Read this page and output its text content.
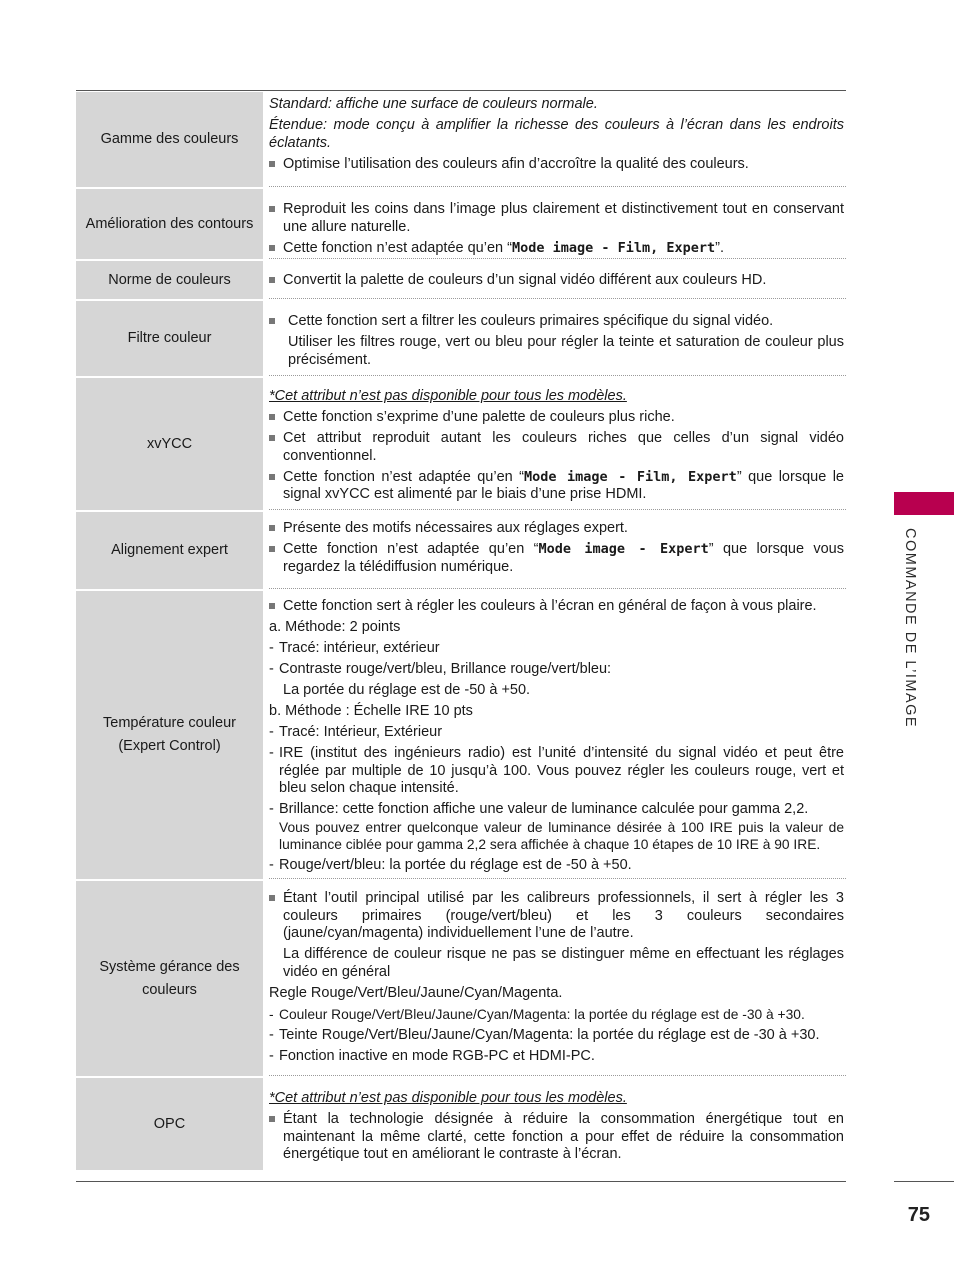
Gamme des couleurs

Standard: affiche une surface de couleurs normale.

Étendue: mode conçu à amplifier la richesse des couleurs à l’écran dans les endroits éclatants.

Optimise l’utilisation des couleurs afin d’accroître la qualité des couleurs.

Amélioration des contours

Reproduit les coins dans l’image plus clairement et distinctivement tout en conservant une allure naturelle.

Cette fonction n’est adaptée qu’en “Mode image - Film, Expert”.

Norme de couleurs	Convertit la palette de couleurs d’un signal vidéo différent aux couleurs HD.

Filtre couleur

Cette fonction sert a filtrer les couleurs primaires spécifique du signal vidéo.

Utiliser les filtres rouge, vert ou bleu pour régler la teinte et saturation de couleur plus précisément.

xvYCC

*Cet attribut n’est pas disponible pour tous les modèles.

Cette fonction s’exprime d’une palette de couleurs plus riche.

Cet attribut reproduit autant les couleurs riches que celles d’un signal vidéo conventionnel.

Cette fonction n’est adaptée qu’en “Mode image - Film, Expert” que lorsque le signal xvYCC est alimenté par le biais d’une prise HDMI.

Alignement expert

Présente des motifs nécessaires aux réglages expert.

Cette fonction n’est adaptée qu’en “Mode image - Expert” que lorsque vous regardez la télédiffusion numérique.

Température couleur
(Expert Control)

Cette fonction sert à régler les couleurs à l’écran en général de façon à vous plaire.

a. Méthode: 2 points

- Tracé: intérieur, extérieur

- Contraste rouge/vert/bleu, Brillance rouge/vert/bleu:

La portée du réglage est de -50 à +50.

b. Méthode : Échelle IRE 10 pts

- Tracé: Intérieur, Extérieur

- IRE (institut des ingénieurs radio) est l’unité d’intensité du signal vidéo et peut être réglée par multiple de 10 jusqu’à 100. Vous pouvez régler les couleurs rouge, vert et bleu selon chaque intensité.

- Brillance: cette fonction affiche une valeur de luminance calculée pour gamma 2,2.

Vous pouvez entrer quelconque valeur de luminance désirée à 100 IRE puis la valeur de luminance ciblée pour gamma 2,2 sera affichée à chaque 10 étapes de 10 IRE à 90 IRE.

- Rouge/vert/bleu: la portée du réglage est de -50 à +50.

Système gérance des couleurs

Étant l’outil principal utilisé par les calibreurs professionnels, il sert à régler les 3 couleurs primaires (rouge/vert/bleu) et les 3 couleurs secondaires (jaune/cyan/magenta) individuellement l’une de l’autre.

La différence de couleur risque ne pas se distinguer même en effectuant les réglages vidéo en général

Regle Rouge/Vert/Bleu/Jaune/Cyan/Magenta.

- Couleur Rouge/Vert/Bleu/Jaune/Cyan/Magenta: la portée du réglage est de -30 à +30.

- Teinte Rouge/Vert/Bleu/Jaune/Cyan/Magenta: la portée du réglage est de -30 à +30.

- Fonction inactive en mode RGB-PC et HDMI-PC.

OPC

*Cet attribut n’est pas disponible pour tous les modèles.

Étant la technologie désignée à réduire la consommation énergétique tout en maintenant la même clarté, cette fonction a pour effet de réduire la consommation énergétique tout en améliorant le contraste à l’écran.

COMMANDE DE L’IMAGE
75
